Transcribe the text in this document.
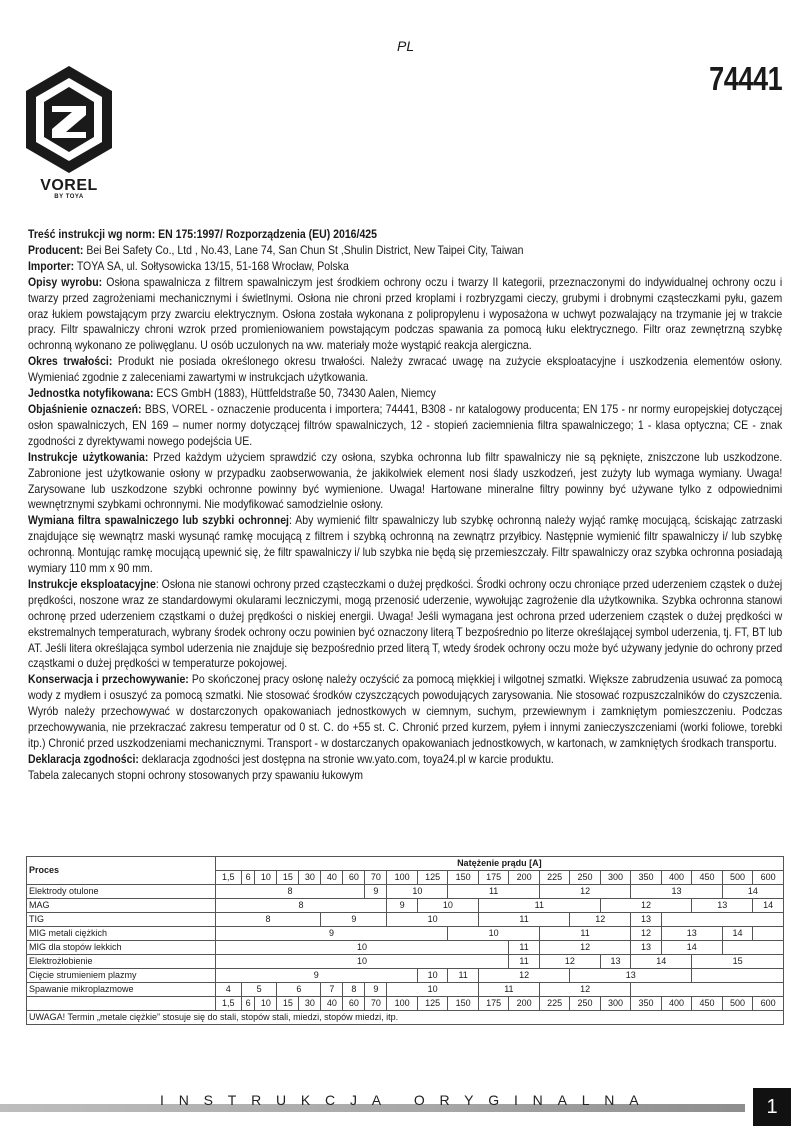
PL
74441
VOREL
BY TOYA

Treść instrukcji wg norm: EN 175:1997/ Rozporządzenia (EU) 2016/425

Producent: Bei Bei Safety Co., Ltd , No.43, Lane 74, San Chun St ,Shulin District, New Taipei City, Taiwan

Importer: TOYA SA, ul. Sołtysowicka 13/15, 51-168 Wrocław, Polska

Opisy wyrobu: Osłona spawalnicza z filtrem spawalniczym jest środkiem ochrony oczu i twarzy II kategorii, przeznaczonymi do indywidualnej ochrony oczu i twarzy przed zagrożeniami mechanicznymi i świetlnymi. Osłona nie chroni przed kroplami i rozbryzgami cieczy, grubymi i drobnymi cząsteczkami pyłu, gazem oraz łukiem powstającym przy zwarciu elektrycznym. Osłona została wykonana z polipropylenu i wyposażona w uchwyt pozwalający na trzymanie jej w trakcie pracy. Filtr spawalniczy chroni wzrok przed promieniowaniem powstającym podczas spawania za pomocą łuku elektrycznego. Filtr oraz zewnętrzną szybkę ochronną wykonano ze poliwęglanu. U osób uczulonych na ww. materiały może wystąpić reakcja alergiczna.

Okres trwałości: Produkt nie posiada określonego okresu trwałości. Należy zwracać uwagę na zużycie eksploatacyjne i uszkodzenia elementów osłony. Wymieniać zgodnie z zaleceniami zawartymi w instrukcjach użytkowania.

Jednostka notyfikowana: ECS GmbH (1883), Hüttfeldstraße 50, 73430 Aalen, Niemcy

Objaśnienie oznaczeń: BBS, VOREL - oznaczenie producenta i importera; 74441, B308 - nr katalogowy producenta; EN 175 - nr normy europejskiej dotyczącej osłon spawalniczych, EN 169 – numer normy dotyczącej filtrów spawalniczych, 12 - stopień zaciemnienia filtra spawalniczego; 1 - klasa optyczna; CE - znak zgodności z dyrektywami nowego podejścia UE.

Instrukcje użytkowania: Przed każdym użyciem sprawdzić czy osłona, szybka ochronna lub filtr spawalniczy nie są pęknięte, zniszczone lub uszkodzone. Zabronione jest użytkowanie osłony w przypadku zaobserwowania, że jakikolwiek element nosi ślady uszkodzeń, jest zużyty lub wymaga wymiany. Uwaga! Zarysowane lub uszkodzone szybki ochronne powinny być wymienione. Uwaga! Hartowane mineralne filtry powinny być używane tylko z odpowiednimi wewnętrznymi szybkami ochronnymi. Nie modyfikować samodzielnie osłony.

Wymiana filtra spawalniczego lub szybki ochronnej: Aby wymienić filtr spawalniczy lub szybkę ochronną należy wyjąć ramkę mocującą, ściskając zatrzaski znajdujące się wewnątrz maski wysunąć ramkę mocującą z filtrem i szybką ochronną na zewnątrz przyłbicy. Następnie wymienić filtr spawalniczy i/ lub szybkę ochronną. Montując ramkę mocującą upewnić się, że filtr spawalniczy i/ lub szybka nie będą się przemieszczały. Filtr spawalniczy oraz szybka ochronna posiadają wymiary 110 mm x 90 mm.

Instrukcje eksploatacyjne: Osłona nie stanowi ochrony przed cząsteczkami o dużej prędkości. Środki ochrony oczu chroniące przed uderzeniem cząstek o dużej prędkości, noszone wraz ze standardowymi okularami leczniczymi, mogą przenosić uderzenie, wywołując zagrożenie dla użytkownika. Szybka ochronna stanowi ochronę przed uderzeniem cząstkami o dużej prędkości o niskiej energii. Uwaga! Jeśli wymagana jest ochrona przed uderzeniem cząstek o dużej prędkości w ekstremalnych temperaturach, wybrany środek ochrony oczu powinien być oznaczony literą T bezpośrednio po literze określającej symbol uderzenia, tj. FT, BT lub AT. Jeśli litera określająca symbol uderzenia nie znajduje się bezpośrednio przed literą T, wtedy środek ochrony oczu może być używany jedynie do ochrony przed cząstkami o dużej prędkości w temperaturze pokojowej.

Konserwacja i przechowywanie: Po skończonej pracy osłonę należy oczyścić za pomocą miękkiej i wilgotnej szmatki. Większe zabrudzenia usuwać za pomocą wody z mydłem i osuszyć za pomocą szmatki. Nie stosować środków czyszczących powodujących zarysowania. Nie stosować rozpuszczalników do czyszczenia. Wyrób należy przechowywać w dostarczonych opakowaniach jednostkowych w ciemnym, suchym, przewiewnym i zamkniętym pomieszczeniu. Podczas przechowywania, nie przekraczać zakresu temperatur od 0 st. C. do +55 st. C. Chronić przed kurzem, pyłem i innymi zanieczyszczeniami (worki foliowe, torebki itp.) Chronić przed uszkodzeniami mechanicznymi. Transport - w dostarczanych opakowaniach jednostkowych, w kartonach, w zamkniętych środkach transportu.

Deklaracja zgodności: deklaracja zgodności jest dostępna na stronie ww.yato.com, toya24.pl w karcie produktu.

Tabela zalecanych stopni ochrony stosowanych przy spawaniu łukowym

Proces	Natężenie prądu [A]																				
	1,5	6	10	15	30	40	60	70	100	125	150	175	200	225	250	300	350	400	450	500	600
Elektrody otulone	8							9	10		11			12			13			14	
MAG	8								9	10		11				12			13		14
TIG	8					9			10			11			12		13				
MIG metali ciężkich	9										10			11			12	13		14	
MIG dla stopów lekkich	10												11	12			13	14			
Elektrożłobienie	10												11	12		13	14		15		
Cięcie strumieniem plazmy	9									10	11	12			13						
Spawanie mikroplazmowe	4	5		6		7	8	9	10			11		12							
	1,5	6	10	15	30	40	60	70	100	125	150	175	200	225	250	300	350	400	450	500	600
UWAGA! Termin „metale ciężkie” stosuje się do stali, stopów stali, miedzi, stopów miedzi, itp.																					
INSTRUKCJA ORYGINALNA	1
